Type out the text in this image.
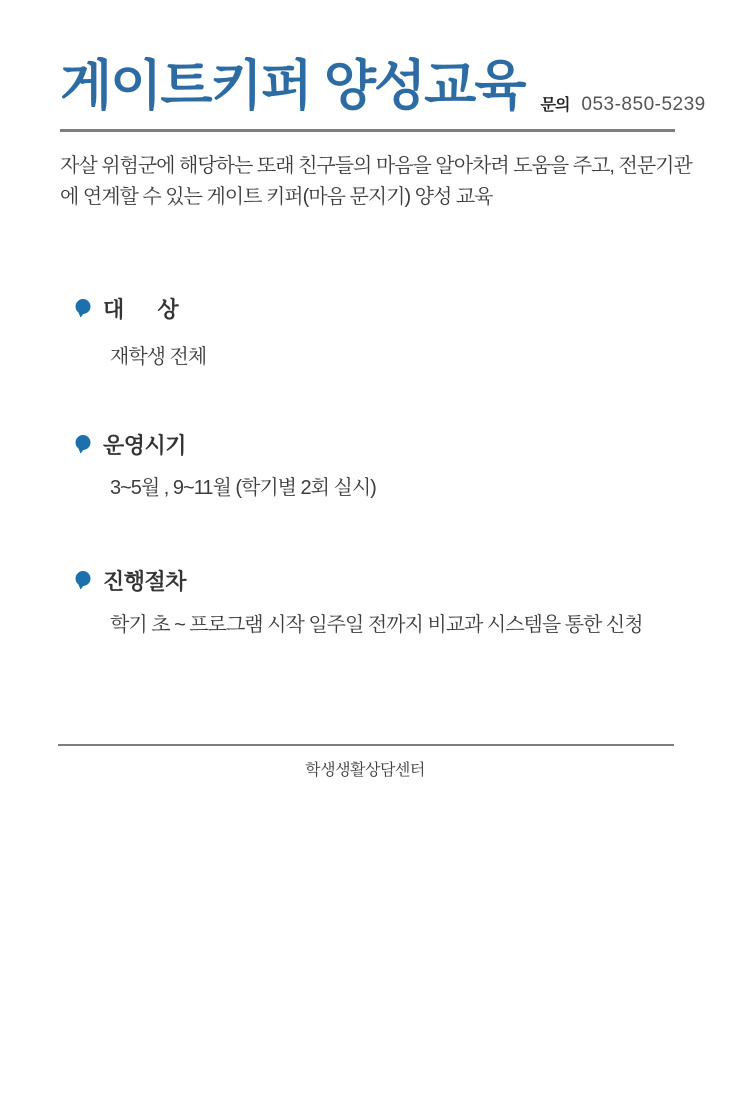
게이트키퍼 양성교육 문의 053-850-5239
자살 위험군에 해당하는 또래 친구들의 마음을 알아차려 도움을 주고, 전문기관
에 연계할 수 있는 게이트 키퍼(마음 문지기) 양성 교육
대      상
재학생 전체
운영시기
3~5월 , 9~11월 (학기별 2회 실시)
진행절차
학기 초 ~ 프로그램 시작 일주일 전까지 비교과 시스템을 통한 신청
학생생활상담센터
